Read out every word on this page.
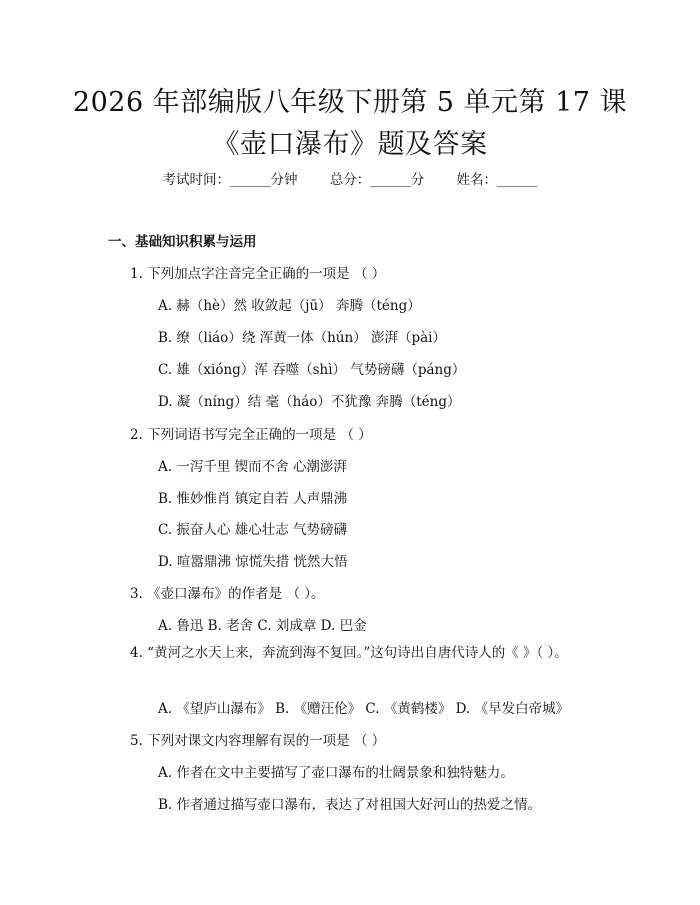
2026 年部编版八年级下册第 5 单元第 17 课
《壶口瀑布》题及答案
考试时间：______分钟 总分：______分 姓名：______
一、基础知识积累与运用
1. 下列加点字注音完全正确的一项是 （ ）
A. 赫（hè）然 收敛起（jū） 奔腾（téng）
B. 缭（liáo）绕 浑黄一体（hún） 澎湃（pài）
C. 雄（xióng）浑 吞噬（shì） 气势磅礴（páng）
D. 凝（níng）结 毫（háo）不犹豫 奔腾（téng）
2. 下列词语书写完全正确的一项是 （ ）
A. 一泻千里 锲而不舍 心潮澎湃
B. 惟妙惟肖 镇定自若 人声鼎沸
C. 振奋人心 雄心壮志 气势磅礴
D. 喧嚣鼎沸 惊慌失措 恍然大悟
3. 《壶口瀑布》的作者是 （ ）。
A. 鲁迅 B. 老舍 C. 刘成章 D. 巴金
4. “黄河之水天上来，奔流到海不复回。”这句诗出自唐代诗人的《 》（ ）。
A. 《望庐山瀑布》 B. 《赠汪伦》 C. 《黄鹤楼》 D. 《早发白帝城》
5. 下列对课文内容理解有误的一项是 （ ）
A. 作者在文中主要描写了壶口瀑布的壮阔景象和独特魅力。
B. 作者通过描写壶口瀑布，表达了对祖国大好河山的热爱之情。
